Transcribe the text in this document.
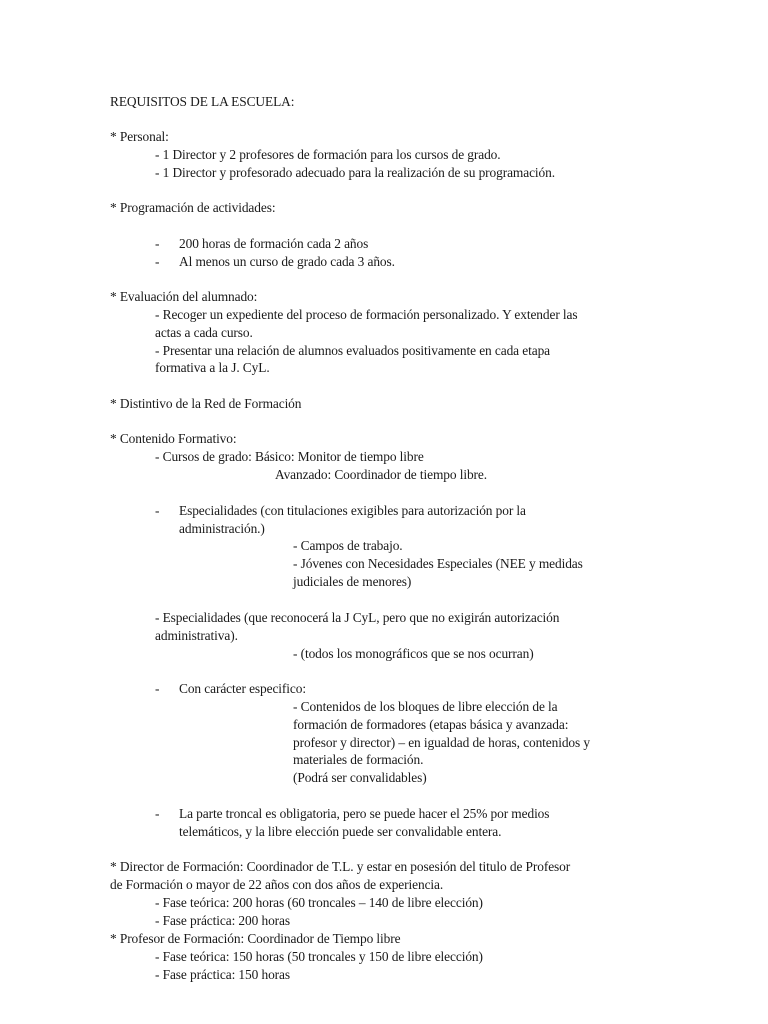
REQUISITOS DE LA ESCUELA:
* Personal:
- 1 Director y 2 profesores de formación para los cursos de grado.
- 1 Director y profesorado adecuado para la realización de su programación.
* Programación de actividades:
- 200 horas de formación cada 2 años
- Al menos un curso de grado cada 3 años.
* Evaluación del alumnado:
- Recoger un expediente del proceso de formación personalizado. Y extender las
actas a cada curso.
- Presentar una relación de alumnos evaluados positivamente en cada etapa
formativa a la J. CyL.
* Distintivo de la Red de Formación
* Contenido Formativo:
- Cursos de grado: Básico: Monitor de tiempo libre
Avanzado: Coordinador de tiempo libre.
- Especialidades (con titulaciones exigibles para autorización por la
administración.)
- Campos de trabajo.
- Jóvenes con Necesidades Especiales (NEE y medidas
judiciales de menores)
- Especialidades (que reconocerá la J CyL, pero que no exigirán autorización
administrativa).
- (todos los monográficos que se nos ocurran)
- Con carácter especifico:
- Contenidos de los bloques de libre elección de la
formación de formadores (etapas básica y avanzada:
profesor y director) – en igualdad de horas, contenidos y
materiales de formación.
(Podrá ser convalidables)
- La parte troncal es obligatoria, pero se puede hacer el 25% por medios
telemáticos, y la libre elección puede ser convalidable entera.
* Director de Formación: Coordinador de T.L. y estar en posesión del titulo de Profesor
de Formación o mayor de 22 años con dos años de experiencia.
- Fase teórica: 200 horas (60 troncales – 140 de libre elección)
- Fase práctica: 200 horas
* Profesor de Formación: Coordinador de Tiempo libre
- Fase teórica: 150 horas (50 troncales y 150 de libre elección)
- Fase práctica: 150 horas
